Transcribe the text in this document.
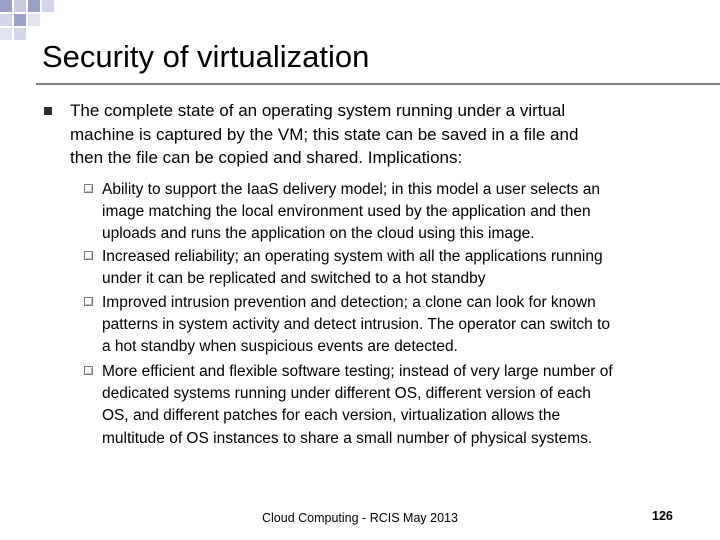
Security of virtualization
The complete state of an operating system running under a virtual
machine is captured by the VM; this state can be saved in a file and
then the file can be copied and shared. Implications:
Ability to support the IaaS delivery model; in this model a user selects an
image matching the local environment used by the application and then
uploads and runs the application on the cloud using this image.
Increased reliability; an operating system with all the applications running
under it can be replicated and switched to a hot standby
Improved intrusion prevention and detection; a clone can look for known
patterns in system activity and detect intrusion. The operator can switch to
a hot standby when suspicious events are detected.
More efficient and flexible software testing; instead of very large number of
dedicated systems running under different OS, different version of each
OS, and different patches for each version, virtualization allows the
multitude of OS instances to share a small number of physical systems.
Cloud Computing - RCIS May 2013	126
